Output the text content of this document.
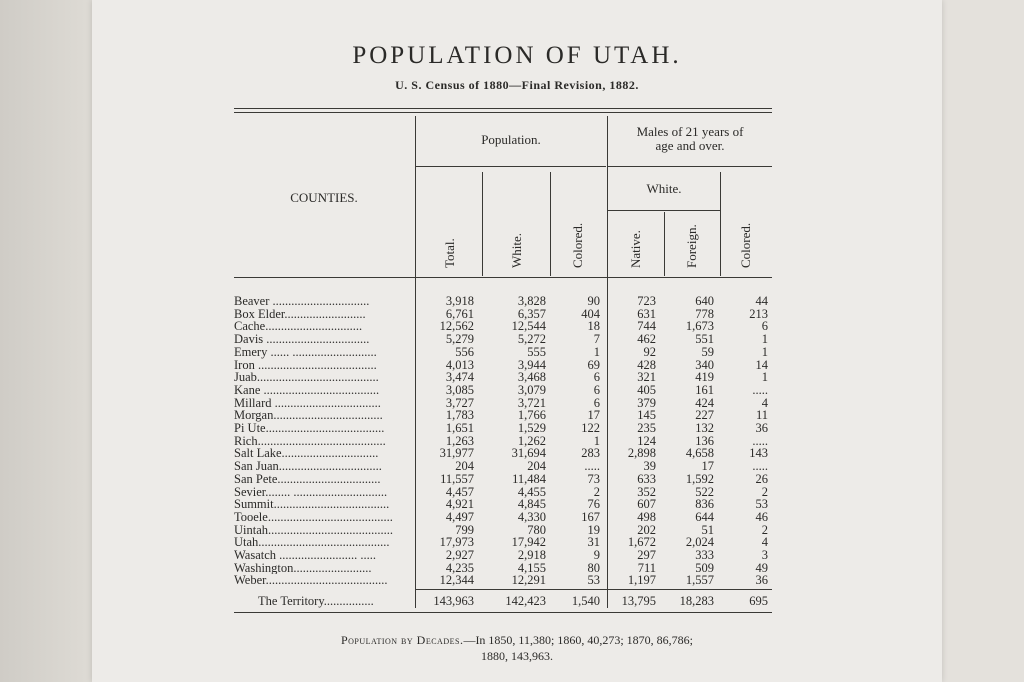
POPULATION OF UTAH.
U. S. Census of 1880—Final Revision, 1882.
COUNTIES.
Population.
Males of 21 years of
age and over.
White.
Total.	White.	Colored.	Native.	Foreign.	Colored.
Beaver ...............................	3,918	3,828	90	723	640	44
Box Elder..........................	6,761	6,357	404	631	778	213
Cache...............................	12,562	12,544	18	744	1,673	6
Davis .................................	5,279	5,272	7	462	551	1
Emery ...... ...........................	556	555	1	92	59	1
Iron ......................................	4,013	3,944	69	428	340	14
Juab.......................................	3,474	3,468	6	321	419	1
Kane .....................................	3,085	3,079	6	405	161	.....
Millard ..................................	3,727	3,721	6	379	424	4
Morgan...................................	1,783	1,766	17	145	227	11
Pi Ute......................................	1,651	1,529	122	235	132	36
Rich.........................................	1,263	1,262	1	124	136	.....
Salt Lake...............................	31,977	31,694	283	2,898	4,658	143
San Juan.................................	204	204	.....	39	17	.....
San Pete.................................	11,557	11,484	73	633	1,592	26
Sevier........ ..............................	4,457	4,455	2	352	522	2
Summit.....................................	4,921	4,845	76	607	836	53
Tooele........................................	4,497	4,330	167	498	644	46
Uintah........................................	799	780	19	202	51	2
Utah..........................................	17,973	17,942	31	1,672	2,024	4
Wasatch ......................... .....	2,927	2,918	9	297	333	3
Washington.........................	4,235	4,155	80	711	509	49
Weber.......................................	12,344	12,291	53	1,197	1,557	36
The Territory................	143,963	142,423	1,540	13,795	18,283	695
Population by Decades.—In 1850, 11,380; 1860, 40,273; 1870, 86,786;
1880, 143,963.
